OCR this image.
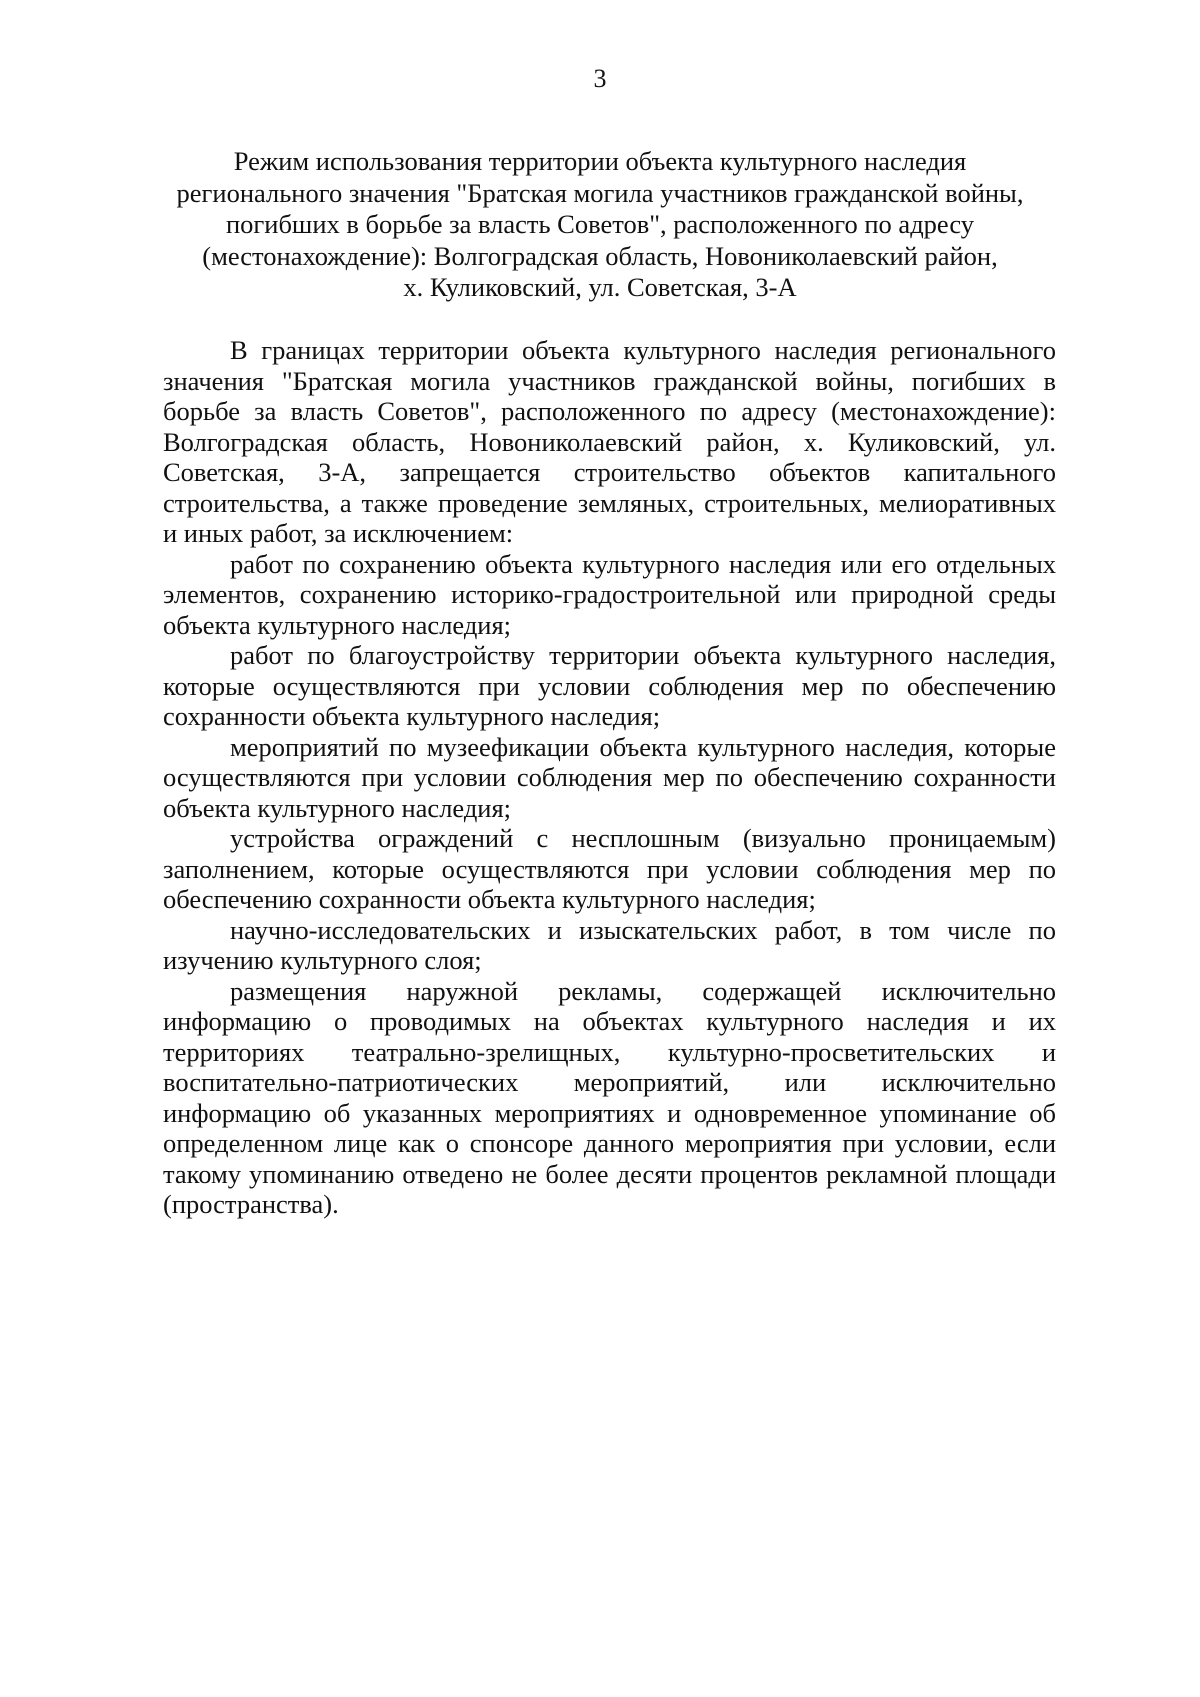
3
Режим использования территории объекта культурного наследия
регионального значения "Братская могила участников гражданской войны,
погибших в борьбе за власть Советов", расположенного по адресу
(местонахождение): Волгоградская область, Новониколаевский район,
х. Куликовский, ул. Советская, 3-А

В границах территории объекта культурного наследия регионального значения "Братская могила участников гражданской войны, погибших в борьбе за власть Советов", расположенного по адресу (местонахождение): Волгоградская область, Новониколаевский район, х. Куликовский, ул. Советская, 3-А, запрещается строительство объектов капитального строительства, а также проведение земляных, строительных, мелиоративных и иных работ, за исключением:

работ по сохранению объекта культурного наследия или его отдельных элементов, сохранению историко-градостроительной или природной среды объекта культурного наследия;

работ по благоустройству территории объекта культурного наследия, которые осуществляются при условии соблюдения мер по обеспечению сохранности объекта культурного наследия;

мероприятий по музеефикации объекта культурного наследия, которые осуществляются при условии соблюдения мер по обеспечению сохранности объекта культурного наследия;

устройства ограждений с несплошным (визуально проницаемым) заполнением, которые осуществляются при условии соблюдения мер по обеспечению сохранности объекта культурного наследия;

научно-исследовательских и изыскательских работ, в том числе по изучению культурного слоя;

размещения наружной рекламы, содержащей исключительно информацию о проводимых на объектах культурного наследия и их территориях театрально-зрелищных, культурно-просветительских и воспитательно-патриотических мероприятий, или исключительно информацию об указанных мероприятиях и одновременное упоминание об определенном лице как о спонсоре данного мероприятия при условии, если такому упоминанию отведено не более десяти процентов рекламной площади (пространства).
